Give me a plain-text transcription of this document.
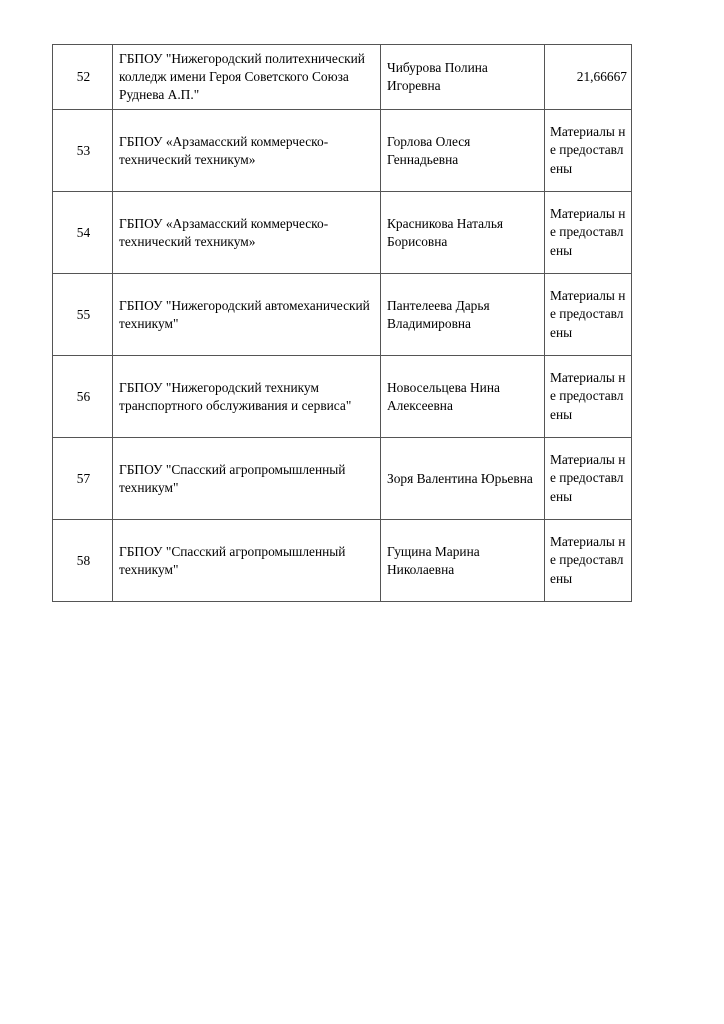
52	ГБПОУ "Нижегородский политехнический колледж имени Героя Советского Союза Руднева А.П."	Чибурова Полина Игоревна	21,66667
53	ГБПОУ «Арзамасский коммерческо-технический техникум»	Горлова Олеся Геннадьевна	Материалы не предоставлены
54	ГБПОУ «Арзамасский коммерческо-технический техникум»	Красникова Наталья Борисовна	Материалы не предоставлены
55	ГБПОУ "Нижегородский автомеханический техникум"	Пантелеева Дарья Владимировна	Материалы не предоставлены
56	ГБПОУ "Нижегородский техникум транспортного обслуживания и сервиса"	Новосельцева Нина Алексеевна	Материалы не предоставлены
57	ГБПОУ "Спасский агропромышленный техникум"	Зоря Валентина Юрьевна	Материалы не предоставлены
58	ГБПОУ "Спасский агропромышленный техникум"	Гущина Марина Николаевна	Материалы не предоставлены
